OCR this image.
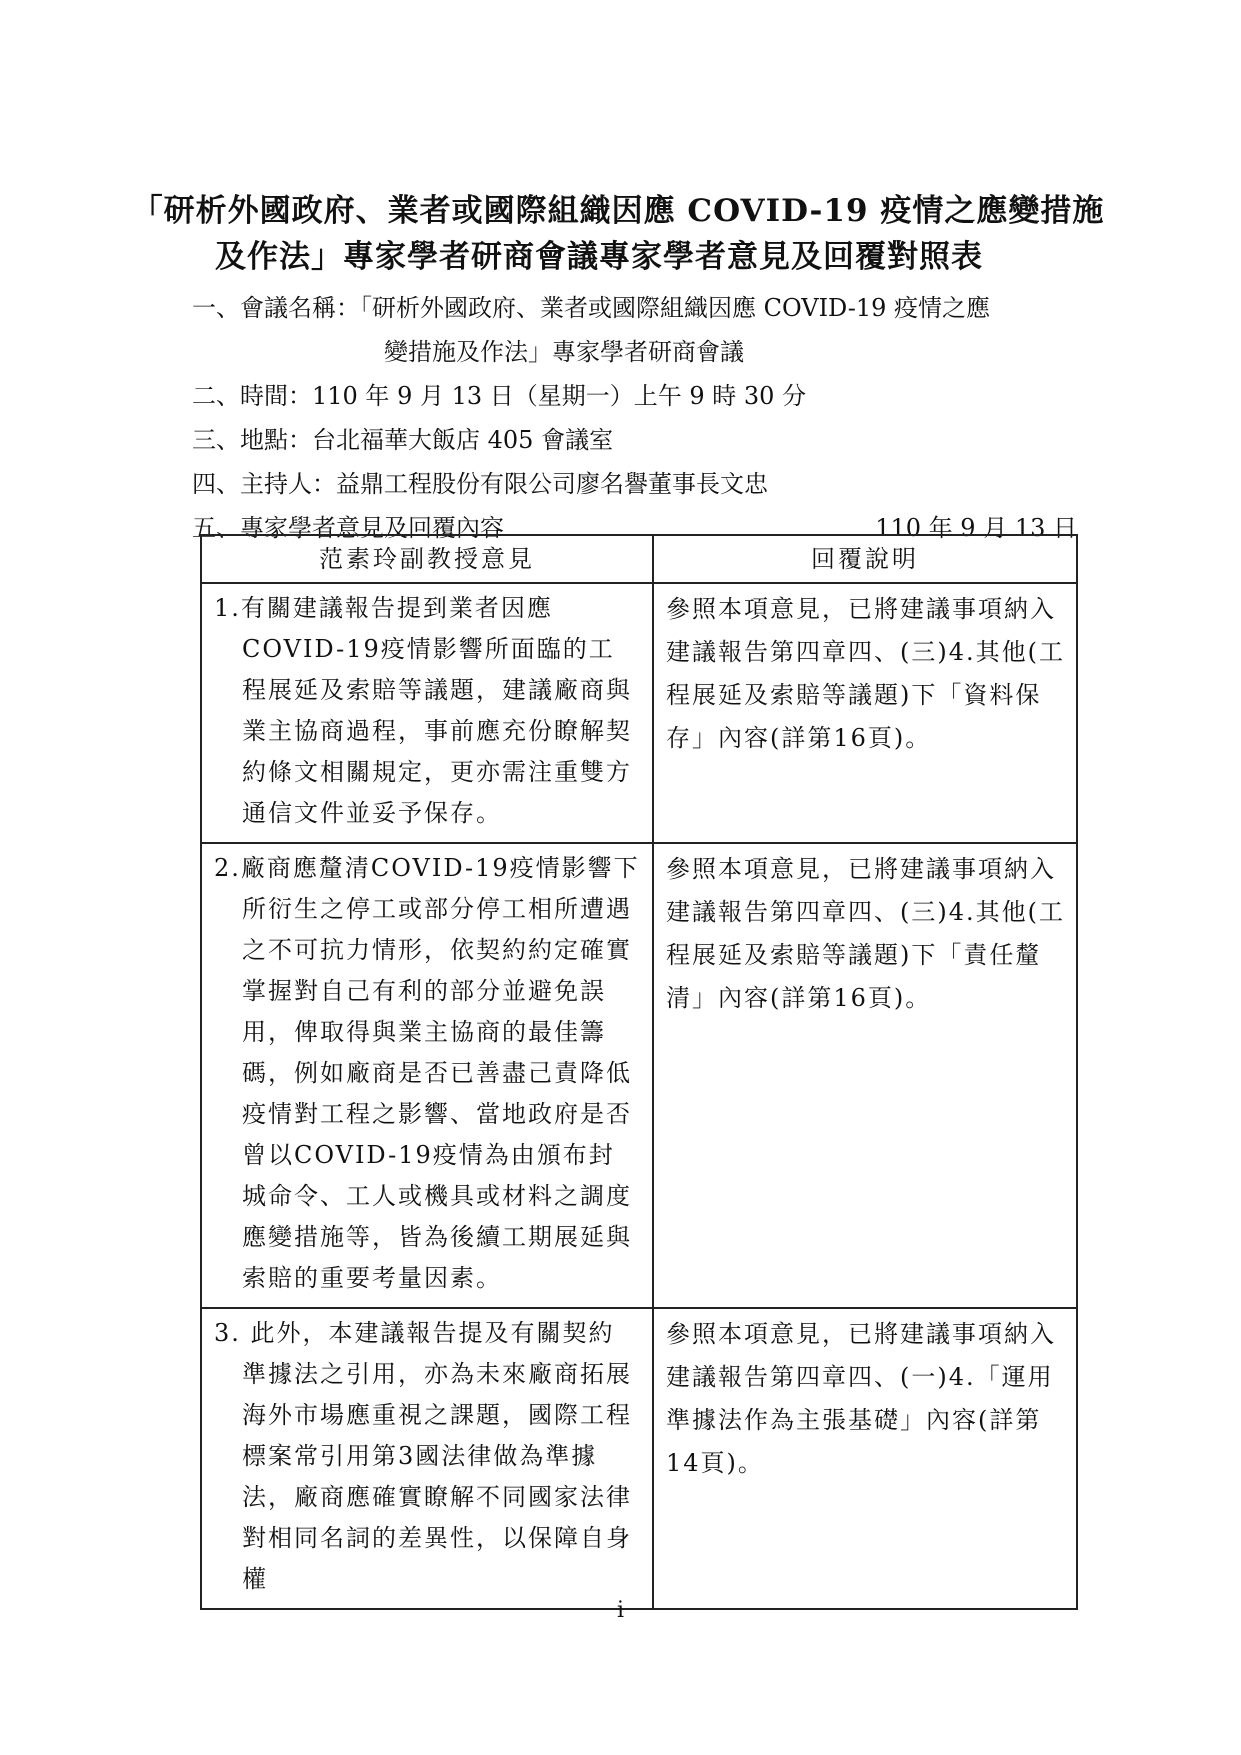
「研析外國政府、業者或國際組織因應 COVID-19 疫情之應變措施
及作法」專家學者研商會議專家學者意見及回覆對照表
一、會議名稱：「研析外國政府、業者或國際組織因應 COVID-19 疫情之應
變措施及作法」專家學者研商會議
二、時間：110 年 9 月 13 日（星期一）上午 9 時 30 分
三、地點：台北福華大飯店 405 會議室
四、主持人：益鼎工程股份有限公司廖名譽董事長文忠
五、專家學者意見及回覆內容	110 年 9 月 13 日
范素玲副教授意見	回覆說明

1.有關建議報告提到業者因應COVID-19疫情影響所面臨的工程展延及索賠等議題，建議廠商與業主協商過程，事前應充份瞭解契約條文相關規定，更亦需注重雙方通信文件並妥予保存。	參照本項意見，已將建議事項納入建議報告第四章四、(三)4.其他(工程展延及索賠等議題)下「資料保存」內容(詳第16頁)。

2.廠商應釐清COVID-19疫情影響下所衍生之停工或部分停工相所遭遇之不可抗力情形，依契約約定確實掌握對自己有利的部分並避免誤用，俾取得與業主協商的最佳籌碼，例如廠商是否已善盡己責降低疫情對工程之影響、當地政府是否曾以COVID-19疫情為由頒布封城命令、工人或機具或材料之調度應變措施等，皆為後續工期展延與索賠的重要考量因素。	參照本項意見，已將建議事項納入建議報告第四章四、(三)4.其他(工程展延及索賠等議題)下「責任釐清」內容(詳第16頁)。

3. 此外，本建議報告提及有關契約準據法之引用，亦為未來廠商拓展海外市場應重視之課題，國際工程標案常引用第3國法律做為準據法，廠商應確實瞭解不同國家法律對相同名詞的差異性，以保障自身權	參照本項意見，已將建議事項納入建議報告第四章四、(一)4.「運用準據法作為主張基礎」內容(詳第14頁)。
i
